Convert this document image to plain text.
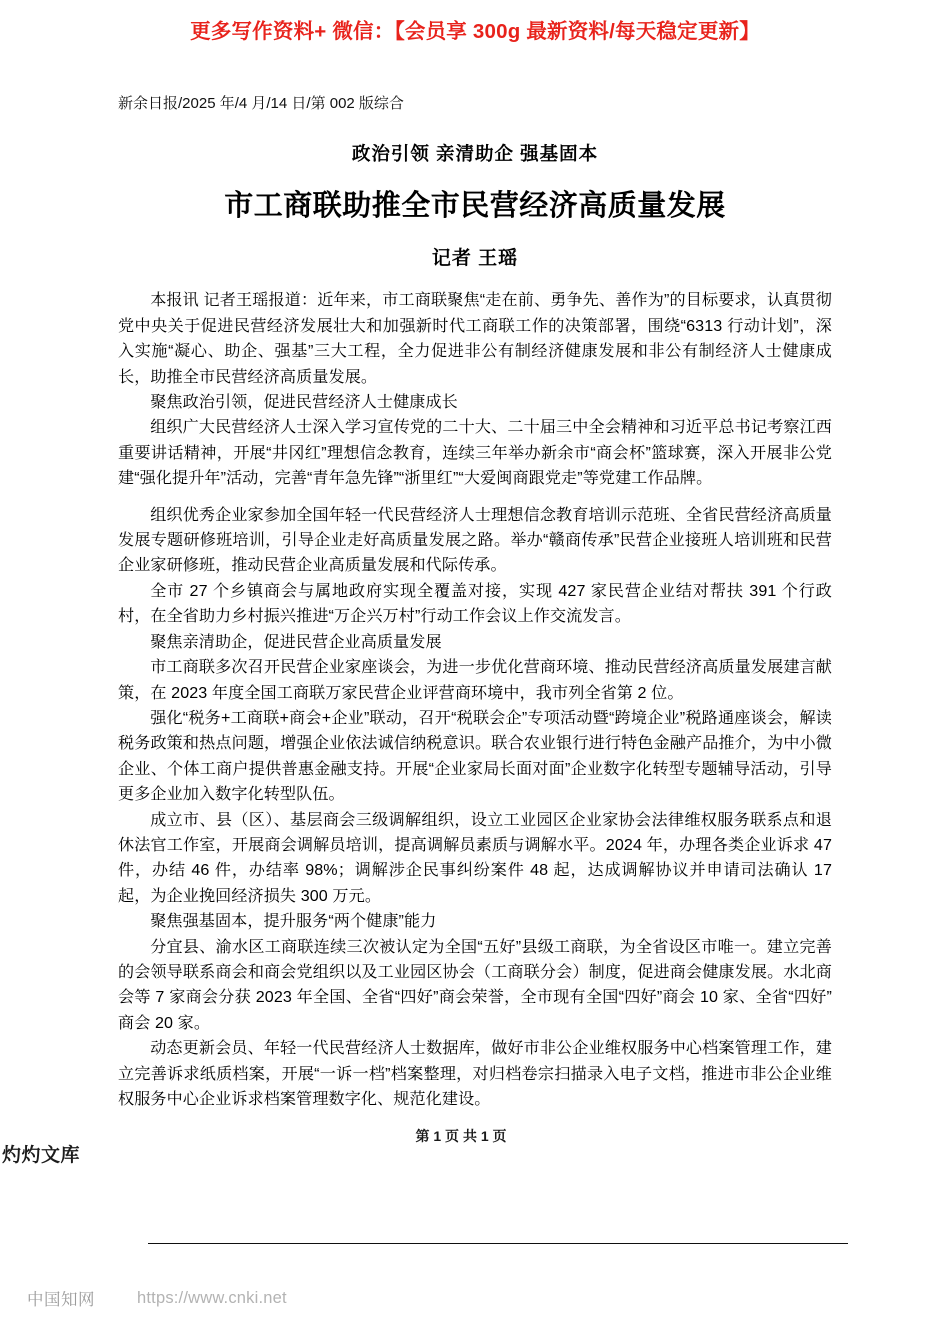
更多写作资料+ 微信：【会员享 300g 最新资料/每天稳定更新】
新余日报/2025 年/4 月/14 日/第 002 版综合
政治引领 亲清助企 强基固本
市工商联助推全市民营经济高质量发展
记者 王瑶

本报讯 记者王瑶报道：近年来，市工商联聚焦“走在前、勇争先、善作为”的目标要求，认真贯彻党中央关于促进民营经济发展壮大和加强新时代工商联工作的决策部署，围绕“6313 行动计划”，深入实施“凝心、助企、强基”三大工程，全力促进非公有制经济健康发展和非公有制经济人士健康成长，助推全市民营经济高质量发展。

聚焦政治引领，促进民营经济人士健康成长

组织广大民营经济人士深入学习宣传党的二十大、二十届三中全会精神和习近平总书记考察江西重要讲话精神，开展“井冈红”理想信念教育，连续三年举办新余市“商会杯”篮球赛，深入开展非公党建“强化提升年”活动，完善“青年急先锋”“浙里红”“大爱闽商跟党走”等党建工作品牌。

组织优秀企业家参加全国年轻一代民营经济人士理想信念教育培训示范班、全省民营经济高质量发展专题研修班培训，引导企业走好高质量发展之路。举办“赣商传承”民营企业接班人培训班和民营企业家研修班，推动民营企业高质量发展和代际传承。

全市 27 个乡镇商会与属地政府实现全覆盖对接，实现 427 家民营企业结对帮扶 391 个行政村，在全省助力乡村振兴推进“万企兴万村”行动工作会议上作交流发言。

聚焦亲清助企，促进民营企业高质量发展

市工商联多次召开民营企业家座谈会，为进一步优化营商环境、推动民营经济高质量发展建言献策，在 2023 年度全国工商联万家民营企业评营商环境中，我市列全省第 2 位。

强化“税务+工商联+商会+企业”联动，召开“税联会企”专项活动暨“跨境企业”税路通座谈会，解读税务政策和热点问题，增强企业依法诚信纳税意识。联合农业银行进行特色金融产品推介，为中小微企业、个体工商户提供普惠金融支持。开展“企业家局长面对面”企业数字化转型专题辅导活动，引导更多企业加入数字化转型队伍。

成立市、县（区）、基层商会三级调解组织，设立工业园区企业家协会法律维权服务联系点和退休法官工作室，开展商会调解员培训，提高调解员素质与调解水平。2024 年，办理各类企业诉求 47 件，办结 46 件，办结率 98%；调解涉企民事纠纷案件 48 起，达成调解协议并申请司法确认 17 起，为企业挽回经济损失 300 万元。

聚焦强基固本，提升服务“两个健康”能力

分宜县、渝水区工商联连续三次被认定为全国“五好”县级工商联，为全省设区市唯一。建立完善的会领导联系商会和商会党组织以及工业园区协会（工商联分会）制度，促进商会健康发展。水北商会等 7 家商会分获 2023 年全国、全省“四好”商会荣誉，全市现有全国“四好”商会 10 家、全省“四好”商会 20 家。

动态更新会员、年轻一代民营经济人士数据库，做好市非公企业维权服务中心档案管理工作，建立完善诉求纸质档案，开展“一诉一档”档案整理，对归档卷宗扫描录入电子文档，推进市非公企业维权服务中心企业诉求档案管理数字化、规范化建设。

第 1 页 共 1 页
灼灼文库
中国知网	https://www.cnki.net
